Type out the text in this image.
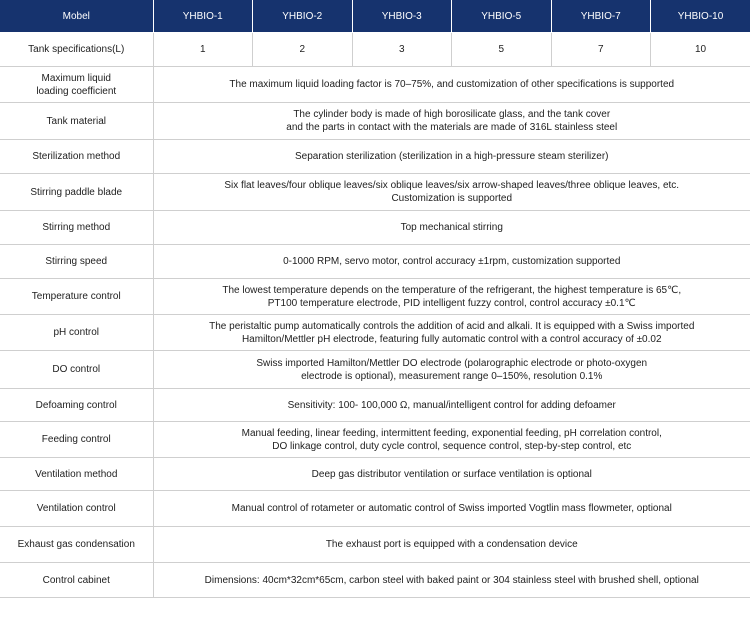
Mobel	YHBIO-1	YHBIO-2	YHBIO-3	YHBIO-5	YHBIO-7	YHBIO-10
Tank specifications(L)	1	2	3	5	7	10
Maximum liquid
loading coefficient	The maximum liquid loading factor is 70–75%, and customization of other specifications is supported					
Tank material	The cylinder body is made of high borosilicate glass, and the tank cover
and the parts in contact with the materials are made of 316L stainless steel					
Sterilization method	Separation sterilization (sterilization in a high-pressure steam sterilizer)					
Stirring paddle blade	Six flat leaves/four oblique leaves/six oblique leaves/six arrow-shaped leaves/three oblique leaves, etc.
Customization is supported					
Stirring method	Top mechanical stirring					
Stirring speed	0-1000 RPM, servo motor, control accuracy ±1rpm, customization supported					
Temperature control	The lowest temperature depends on the temperature of the refrigerant, the highest temperature is 65℃,
PT100 temperature electrode, PID intelligent fuzzy control, control accuracy ±0.1℃					
pH control	The peristaltic pump automatically controls the addition of acid and alkali. It is equipped with a Swiss imported
Hamilton/Mettler pH electrode, featuring fully automatic control with a control accuracy of ±0.02					
DO control	Swiss imported Hamilton/Mettler DO electrode (polarographic electrode or photo-oxygen
electrode is optional), measurement range 0–150%, resolution 0.1%					
Defoaming control	Sensitivity: 100- 100,000 Ω, manual/intelligent control for adding defoamer					
Feeding control	Manual feeding, linear feeding, intermittent feeding, exponential feeding, pH correlation control,
DO linkage control, duty cycle control, sequence control, step-by-step control, etc					
Ventilation method	Deep gas distributor ventilation or surface ventilation is optional					
Ventilation control	Manual control of rotameter or automatic control of Swiss imported Vogtlin mass flowmeter, optional					
Exhaust gas condensation	The exhaust port is equipped with a condensation device					
Control cabinet	Dimensions: 40cm*32cm*65cm, carbon steel with baked paint or 304 stainless steel with brushed shell, optional					
